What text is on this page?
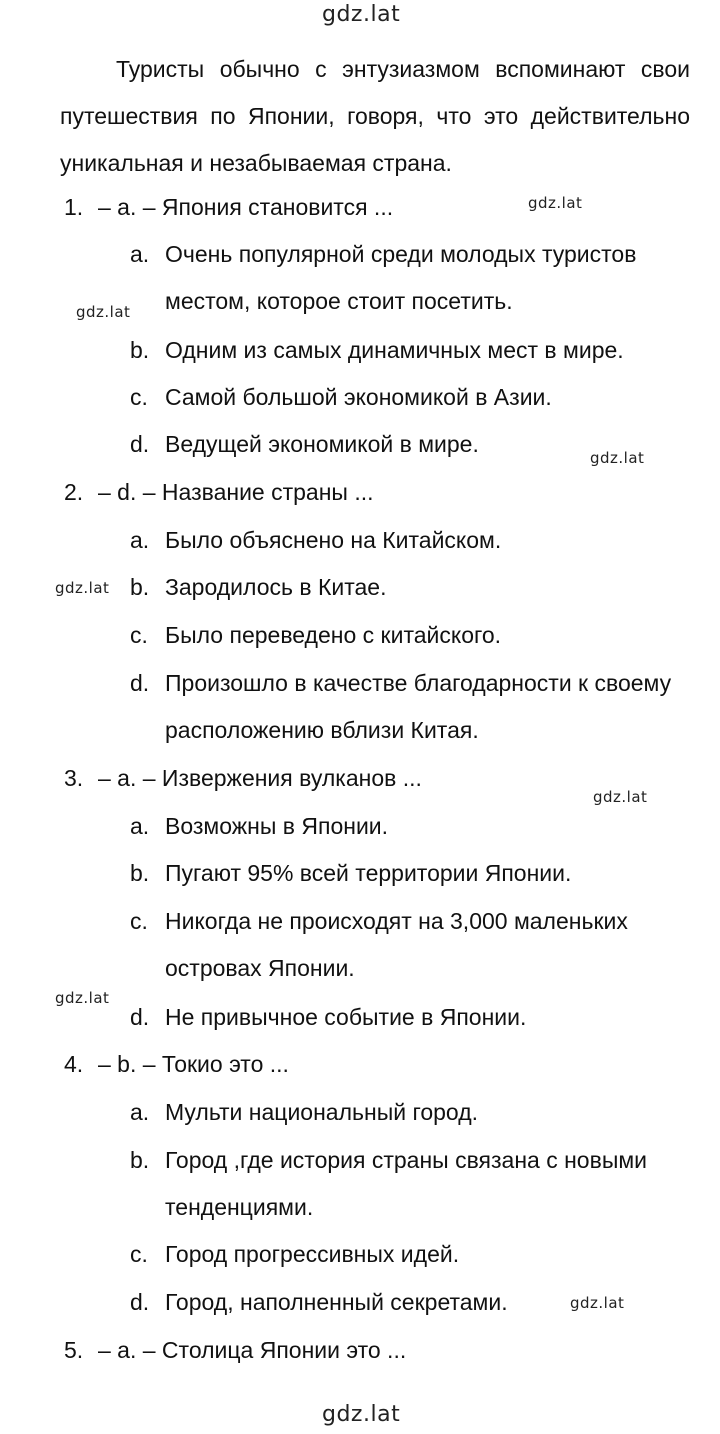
gdz.lat
gdz.lat
gdz.lat
gdz.lat
gdz.lat
gdz.lat
gdz.lat
gdz.lat
gdz.lat

Туристы обычно с энтузиазмом вспоминают свои путешествия по Японии, говоря, что это действительно уникальная и незабываемая страна.

1. – a. – Япония становится ...
a. Очень популярной среди молодых туристов
местом, которое стоит посетить.
b. Одним из самых динамичных мест в мире.
c. Самой большой экономикой в Азии.
d. Ведущей экономикой в мире.
2. – d. – Название страны ...
a. Было объяснено на Китайском.
b. Зародилось в Китае.
c. Было переведено с китайского.
d. Произошло в качестве благодарности к своему
расположению вблизи Китая.
3. – a. – Извержения вулканов ...
a. Возможны в Японии.
b. Пугают 95% всей территории Японии.
c. Никогда не происходят на 3,000 маленьких
островах Японии.
d. Не привычное событие в Японии.
4. – b. – Токио это ...
a. Мульти национальный город.
b. Город ,где история страны связана с новыми
тенденциями.
c. Город прогрессивных идей.
d. Город, наполненный секретами.
5. – a. – Столица Японии это ...
